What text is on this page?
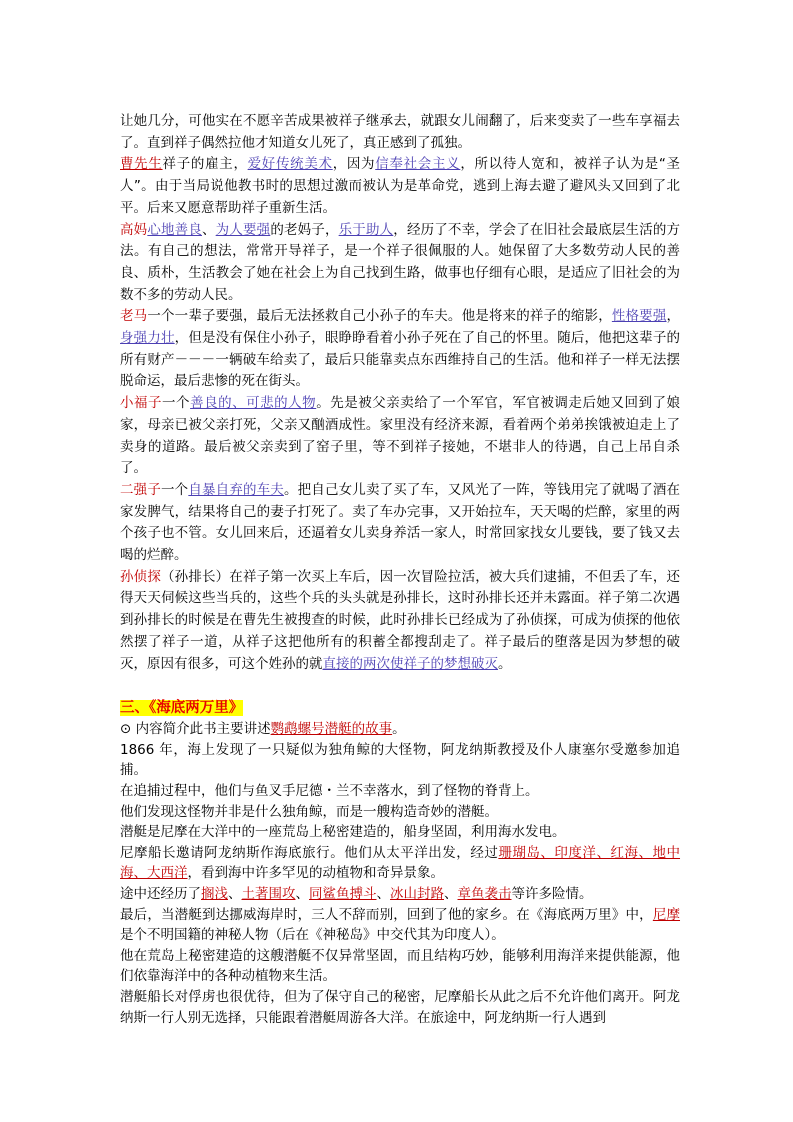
让她几分，可他实在不愿辛苦成果被祥子继承去，就跟女儿闹翻了，后来变卖了一些车享福去了。直到祥子偶然拉他才知道女儿死了，真正感到了孤独。

曹先生祥子的雇主，爱好传统美术，因为信奉社会主义，所以待人宽和，被祥子认为是“圣人”。由于当局说他教书时的思想过激而被认为是革命党，逃到上海去避了避风头又回到了北平。后来又愿意帮助祥子重新生活。

高妈心地善良、为人要强的老妈子，乐于助人，经历了不幸，学会了在旧社会最底层生活的方法。有自己的想法，常常开导祥子，是一个祥子很佩服的人。她保留了大多数劳动人民的善良、质朴，生活教会了她在社会上为自己找到生路，做事也仔细有心眼，是适应了旧社会的为数不多的劳动人民。

老马一个一辈子要强，最后无法拯救自己小孙子的车夫。他是将来的祥子的缩影，性格要强，身强力壮，但是没有保住小孙子，眼睁睁看着小孙子死在了自己的怀里。随后，他把这辈子的所有财产－－－一辆破车给卖了，最后只能靠卖点东西维持自己的生活。他和祥子一样无法摆脱命运，最后悲惨的死在街头。

小福子一个善良的、可悲的人物。先是被父亲卖给了一个军官，军官被调走后她又回到了娘家，母亲已被父亲打死，父亲又酗酒成性。家里没有经济来源，看着两个弟弟挨饿被迫走上了卖身的道路。最后被父亲卖到了窑子里，等不到祥子接她，不堪非人的待遇，自己上吊自杀了。

二强子一个自暴自弃的车夫。把自己女儿卖了买了车，又风光了一阵，等钱用完了就喝了酒在家发脾气，结果将自己的妻子打死了。卖了车办完事，又开始拉车，天天喝的烂醉，家里的两个孩子也不管。女儿回来后，还逼着女儿卖身养活一家人，时常回家找女儿要钱，要了钱又去喝的烂醉。

孙侦探（孙排长）在祥子第一次买上车后，因一次冒险拉活，被大兵们逮捕，不但丢了车，还得天天伺候这些当兵的，这些个兵的头头就是孙排长，这时孙排长还并未露面。祥子第二次遇到孙排长的时候是在曹先生被搜查的时候，此时孙排长已经成为了孙侦探，可成为侦探的他依然摆了祥子一道，从祥子这把他所有的积蓄全都搜刮走了。祥子最后的堕落是因为梦想的破灭，原因有很多，可这个姓孙的就直接的两次使祥子的梦想破灭。

三、《海底两万里》

⊙ 内容简介此书主要讲述鹦鹉螺号潜艇的故事。

1866 年，海上发现了一只疑似为独角鲸的大怪物，阿龙纳斯教授及仆人康塞尔受邀参加追捕。

在追捕过程中，他们与鱼叉手尼德・兰不幸落水，到了怪物的脊背上。

他们发现这怪物并非是什么独角鲸，而是一艘构造奇妙的潜艇。

潜艇是尼摩在大洋中的一座荒岛上秘密建造的，船身坚固，利用海水发电。

尼摩船长邀请阿龙纳斯作海底旅行。他们从太平洋出发，经过珊瑚岛、印度洋、红海、地中海、大西洋，看到海中许多罕见的动植物和奇异景象。

途中还经历了搁浅、土著围攻、同鲨鱼搏斗、冰山封路、章鱼袭击等许多险情。

最后，当潜艇到达挪威海岸时，三人不辞而别，回到了他的家乡。在《海底两万里》中，尼摩是个不明国籍的神秘人物（后在《神秘岛》中交代其为印度人）。

他在荒岛上秘密建造的这艘潜艇不仅异常坚固，而且结构巧妙，能够利用海洋来提供能源，他们依靠海洋中的各种动植物来生活。

潜艇船长对俘虏也很优待，但为了保守自己的秘密，尼摩船长从此之后不允许他们离开。阿龙纳斯一行人别无选择，只能跟着潜艇周游各大洋。在旅途中，阿龙纳斯一行人遇到
